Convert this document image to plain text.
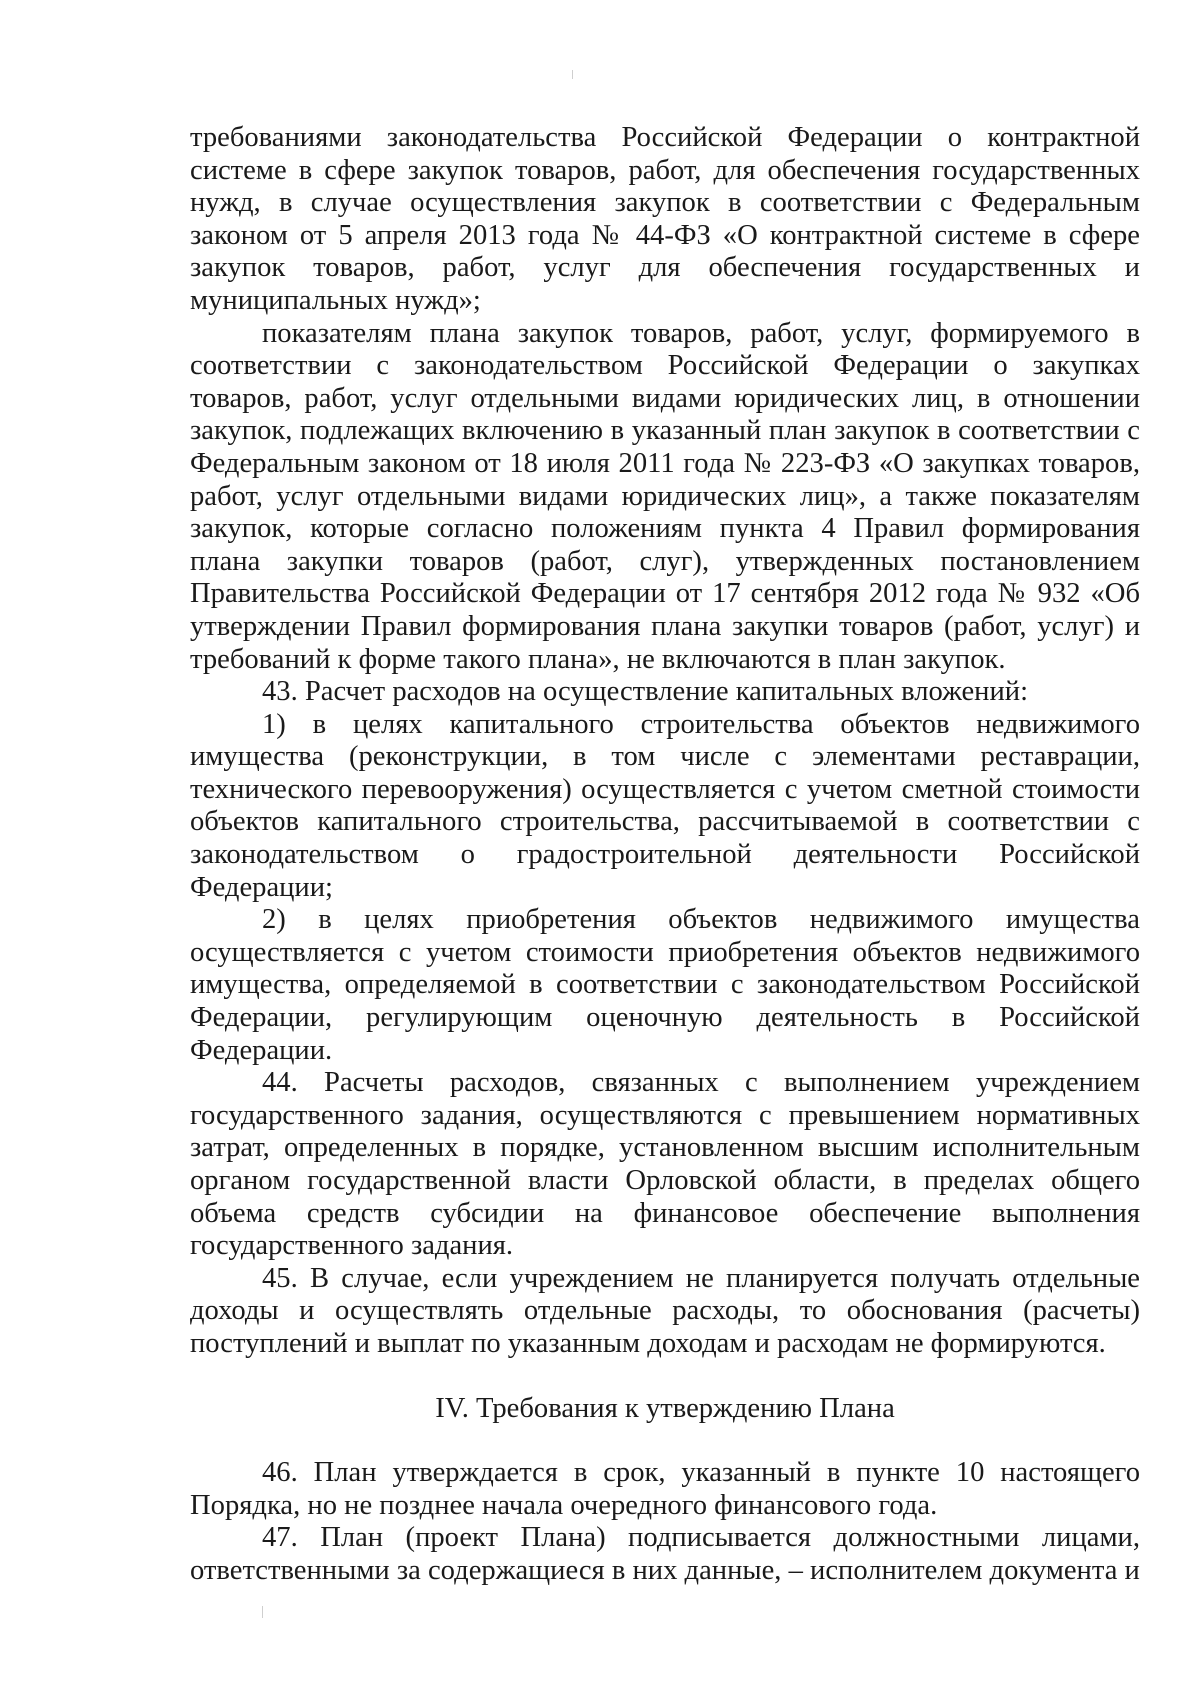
требованиями законодательства Российской Федерации о контрактной системе в сфере закупок товаров, работ, для обеспечения государственных нужд, в случае осуществления закупок в соответствии с Федеральным законом от 5 апреля 2013 года № 44-ФЗ «О контрактной системе в сфере закупок товаров, работ, услуг для обеспечения государственных и муниципальных нужд»;

показателям плана закупок товаров, работ, услуг, формируемого в соответствии с законодательством Российской Федерации о закупках товаров, работ, услуг отдельными видами юридических лиц, в отношении закупок, подлежащих включению в указанный план закупок в соответствии с Федеральным законом от 18 июля 2011 года № 223-ФЗ «О закупках товаров, работ, услуг отдельными видами юридических лиц», а также показателям закупок, которые согласно положениям пункта 4 Правил формирования плана закупки товаров (работ, слуг), утвержденных постановлением Правительства Российской Федерации от 17 сентября 2012 года № 932 «Об утверждении Правил формирования плана закупки товаров (работ, услуг) и требований к форме такого плана», не включаются в план закупок.

43. Расчет расходов на осуществление капитальных вложений:

1) в целях капитального строительства объектов недвижимого имущества (реконструкции, в том числе с элементами реставрации, технического перевооружения) осуществляется с учетом сметной стоимости объектов капитального строительства, рассчитываемой в соответствии с законодательством о градостроительной деятельности Российской Федерации;

2) в целях приобретения объектов недвижимого имущества осуществляется с учетом стоимости приобретения объектов недвижимого имущества, определяемой в соответствии с законодательством Российской Федерации, регулирующим оценочную деятельность в Российской Федерации.

44. Расчеты расходов, связанных с выполнением учреждением государственного задания, осуществляются с превышением нормативных затрат, определенных в порядке, установленном высшим исполнительным органом государственной власти Орловской области, в пределах общего объема средств субсидии на финансовое обеспечение выполнения государственного задания.

45. В случае, если учреждением не планируется получать отдельные доходы и осуществлять отдельные расходы, то обоснования (расчеты) поступлений и выплат по указанным доходам и расходам не формируются.

IV. Требования к утверждению Плана

46. План утверждается в срок, указанный в пункте 10 настоящего Порядка, но не позднее начала очередного финансового года.

47. План (проект Плана) подписывается должностными лицами, ответственными за содержащиеся в них данные, – исполнителем документа и
